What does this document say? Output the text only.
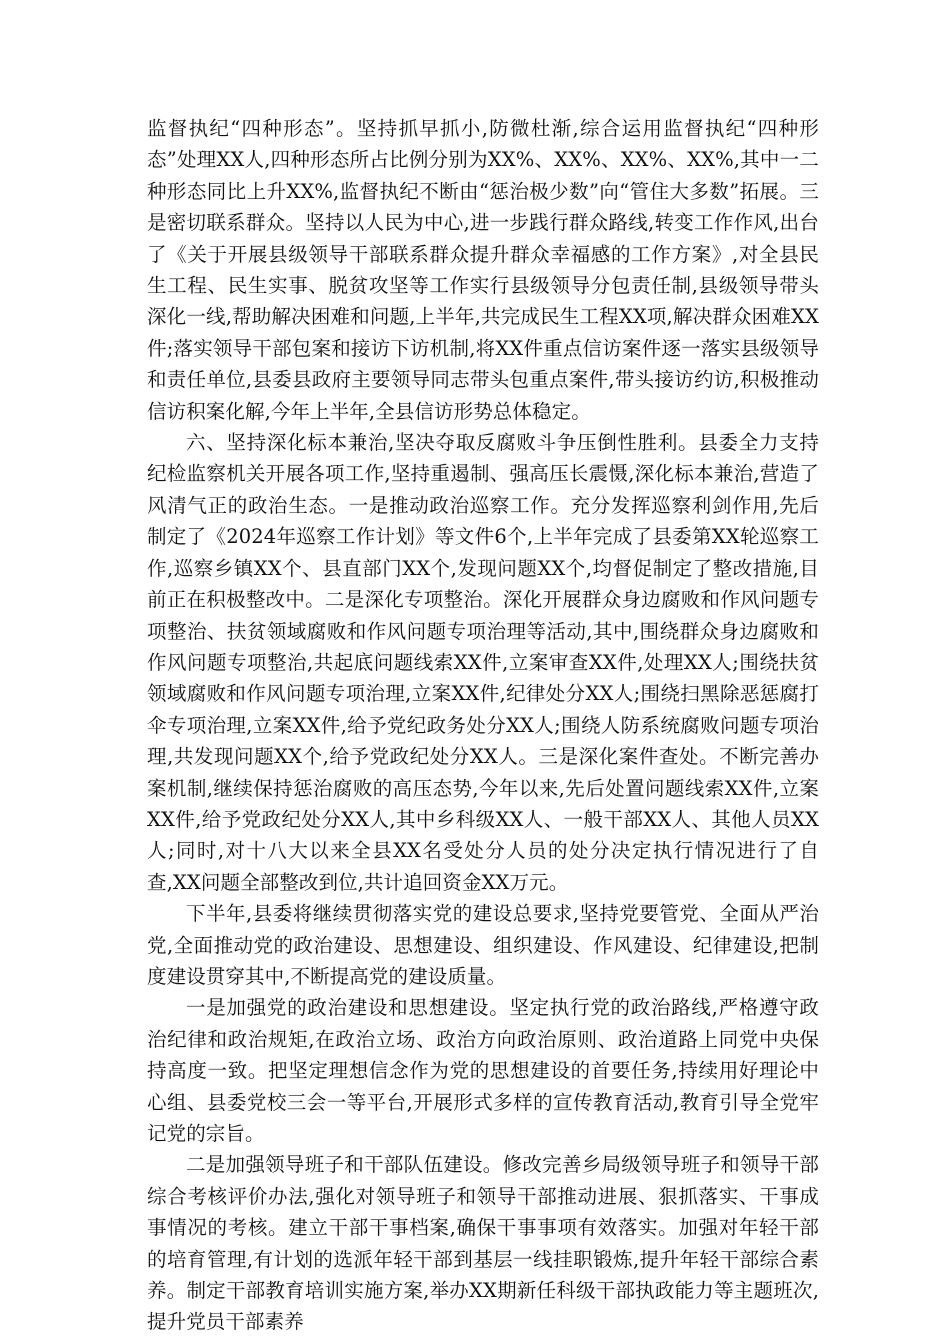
监督执纪“四种形态”。坚持抓早抓小,防微杜渐,综合运用监督执纪“四种形态”处理XX人,四种形态所占比例分别为XX%、XX%、XX%、XX%,其中一二种形态同比上升XX%,监督执纪不断由“惩治极少数”向“管住大多数”拓展。三是密切联系群众。坚持以人民为中心,进一步践行群众路线,转变工作作风,出台了《关于开展县级领导干部联系群众提升群众幸福感的工作方案》,对全县民生工程、民生实事、脱贫攻坚等工作实行县级领导分包责任制,县级领导带头深化一线,帮助解决困难和问题,上半年,共完成民生工程XX项,解决群众困难XX件;落实领导干部包案和接访下访机制,将XX件重点信访案件逐一落实县级领导和责任单位,县委县政府主要领导同志带头包重点案件,带头接访约访,积极推动信访积案化解,今年上半年,全县信访形势总体稳定。

六、坚持深化标本兼治,坚决夺取反腐败斗争压倒性胜利。县委全力支持纪检监察机关开展各项工作,坚持重遏制、强高压长震慑,深化标本兼治,营造了风清气正的政治生态。一是推动政治巡察工作。充分发挥巡察利剑作用,先后制定了《2024年巡察工作计划》等文件6个,上半年完成了县委第XX轮巡察工作,巡察乡镇XX个、县直部门XX个,发现问题XX个,均督促制定了整改措施,目前正在积极整改中。二是深化专项整治。深化开展群众身边腐败和作风问题专项整治、扶贫领域腐败和作风问题专项治理等活动,其中,围绕群众身边腐败和作风问题专项整治,共起底问题线索XX件,立案审查XX件,处理XX人;围绕扶贫领域腐败和作风问题专项治理,立案XX件,纪律处分XX人;围绕扫黑除恶惩腐打伞专项治理,立案XX件,给予党纪政务处分XX人;围绕人防系统腐败问题专项治理,共发现问题XX个,给予党政纪处分XX人。三是深化案件查处。不断完善办案机制,继续保持惩治腐败的高压态势,今年以来,先后处置问题线索XX件,立案XX件,给予党政纪处分XX人,其中乡科级XX人、一般干部XX人、其他人员XX人;同时,对十八大以来全县XX名受处分人员的处分决定执行情况进行了自查,XX问题全部整改到位,共计追回资金XX万元。

下半年,县委将继续贯彻落实党的建设总要求,坚持党要管党、全面从严治党,全面推动党的政治建设、思想建设、组织建设、作风建设、纪律建设,把制度建设贯穿其中,不断提高党的建设质量。

一是加强党的政治建设和思想建设。坚定执行党的政治路线,严格遵守政治纪律和政治规矩,在政治立场、政治方向政治原则、政治道路上同党中央保持高度一致。把坚定理想信念作为党的思想建设的首要任务,持续用好理论中心组、县委党校三会一等平台,开展形式多样的宣传教育活动,教育引导全党牢记党的宗旨。

二是加强领导班子和干部队伍建设。修改完善乡局级领导班子和领导干部综合考核评价办法,强化对领导班子和领导干部推动进展、狠抓落实、干事成事情况的考核。建立干部干事档案,确保干事事项有效落实。加强对年轻干部的培育管理,有计划的选派年轻干部到基层一线挂职锻炼,提升年轻干部综合素养。制定干部教育培训实施方案,举办XX期新任科级干部执政能力等主题班次,提升党员干部素养
